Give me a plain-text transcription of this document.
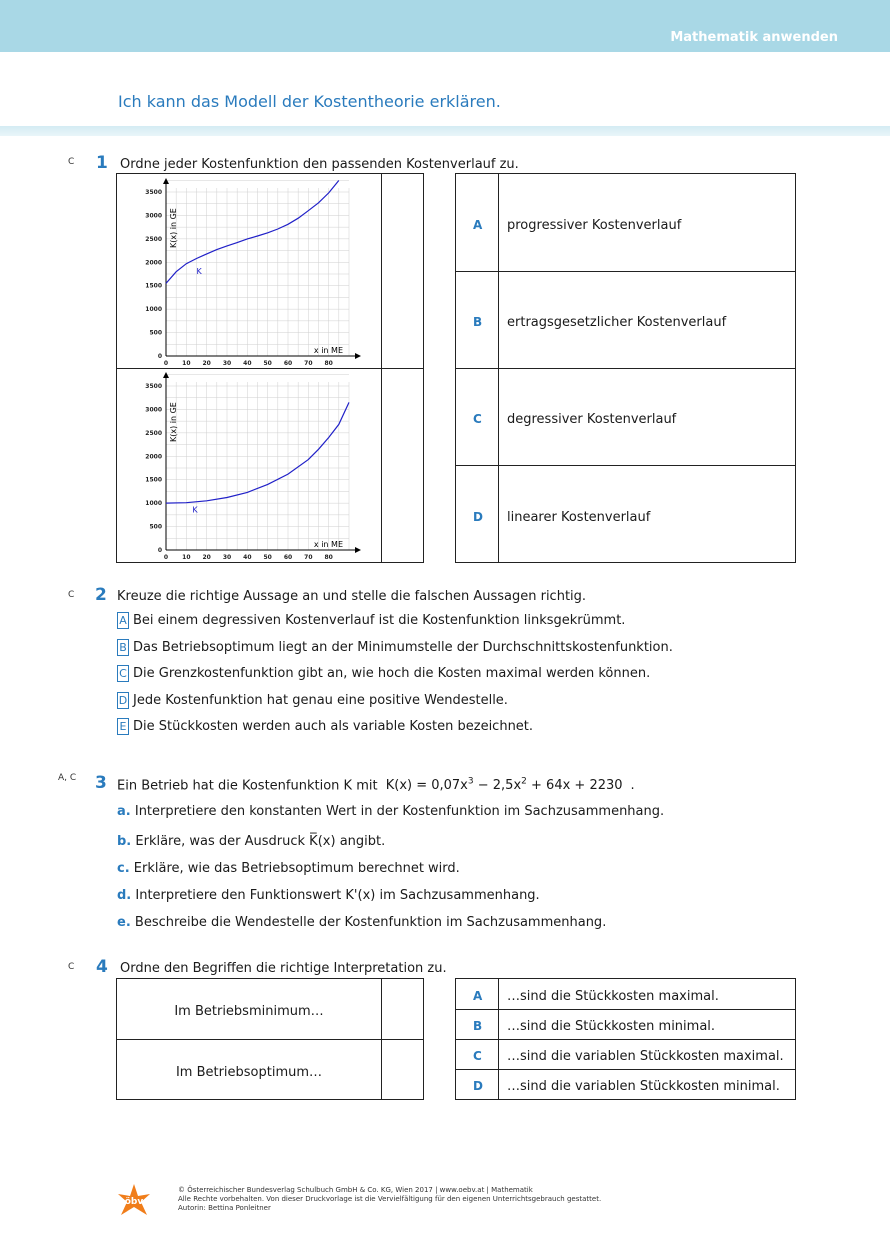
Mathematik anwenden
Ich kann das Modell der Kostentheorie erklären.
C 1 Ordne jeder Kostenfunktion den passenden Kostenverlauf zu.
0 10 20 30 40 50 60 70 80
0
500
1000
1500
2000
2500
3000
3500
x in ME
K(x) in GE
K
0 10 20 30 40 50 60 70 80
0
500
1000
1500
2000
2500
3000
3500
x in ME
K(x) in GE
K
A progressiver Kostenverlauf
B ertragsgesetzlicher Kostenverlauf
C degressiver Kostenverlauf
D linearer Kostenverlauf
C 2 Kreuze die richtige Aussage an und stelle die falschen Aussagen richtig.
A Bei einem degressiven Kostenverlauf ist die Kostenfunktion linksgekrümmt.
B Das Betriebsoptimum liegt an der Minimumstelle der Durchschnittskostenfunktion.
C Die Grenzkostenfunktion gibt an, wie hoch die Kosten maximal werden können.
D Jede Kostenfunktion hat genau eine positive Wendestelle.
E Die Stückkosten werden auch als variable Kosten bezeichnet.
A, C 3 Ein Betrieb hat die Kostenfunktion K mit $K(x) = 0,07x^3 - 2,5x^2 + 64x + 2230$ .
a. Interpretiere den konstanten Wert in der Kostenfunktion im Sachzusammenhang.
b. Erkläre, was der Ausdruck K̅(x) angibt.
c. Erkläre, wie das Betriebsoptimum berechnet wird.
d. Interpretiere den Funktionswert K'(x) im Sachzusammenhang.
e. Beschreibe die Wendestelle der Kostenfunktion im Sachzusammenhang.
C 4 Ordne den Begriffen die richtige Interpretation zu.
Im Betriebsminimum…
Im Betriebsoptimum…
A …sind die Stückkosten maximal.
B …sind die Stückkosten minimal.
C …sind die variablen Stückkosten maximal.
D …sind die variablen Stückkosten minimal.
öbv
© Österreichischer Bundesverlag Schulbuch GmbH & Co. KG, Wien 2017 | www.oebv.at | Mathematik
Alle Rechte vorbehalten. Von dieser Druckvorlage ist die Vervielfältigung für den eigenen Unterrichtsgebrauch gestattet.
Autorin: Bettina Ponleitner
